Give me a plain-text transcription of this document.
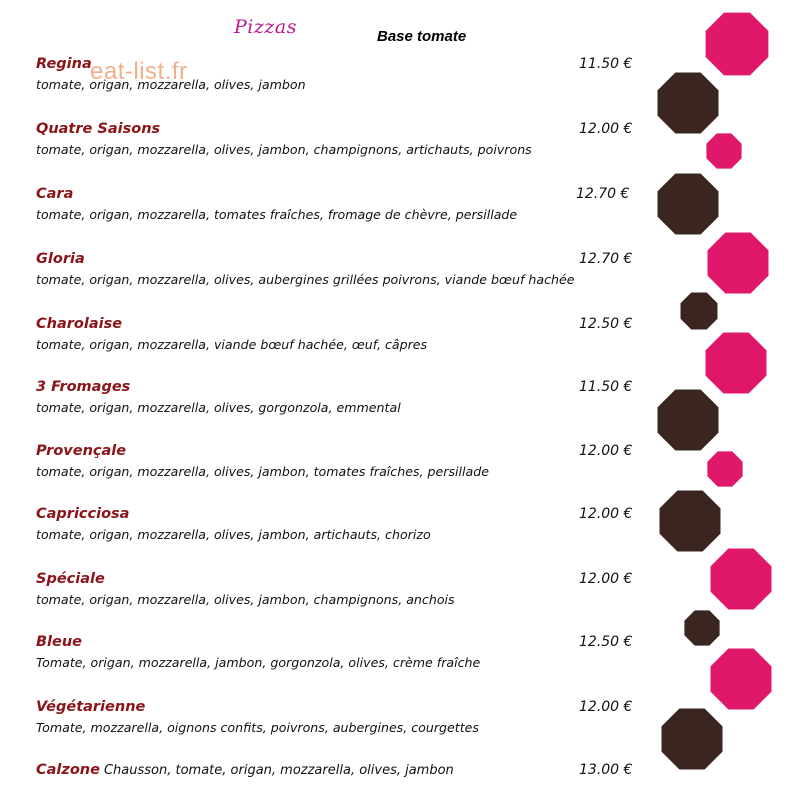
Pizzas	Base tomate
Regina	11.50 €
tomate, origan, mozzarella, olives, jambon
Quatre Saisons	12.00 €
tomate, origan, mozzarella, olives, jambon, champignons, artichauts, poivrons
Cara	12.70 €
tomate, origan, mozzarella, tomates fraîches, fromage de chèvre, persillade
Gloria	12.70 €
tomate, origan, mozzarella, olives, aubergines grillées poivrons, viande bœuf hachée
Charolaise	12.50 €
tomate, origan, mozzarella, viande bœuf hachée, œuf, câpres
3 Fromages	11.50 €
tomate, origan, mozzarella, olives, gorgonzola, emmental
Provençale	12.00 €
tomate, origan, mozzarella, olives, jambon, tomates fraîches, persillade
Capricciosa	12.00 €
tomate, origan, mozzarella, olives, jambon, artichauts, chorizo
Spéciale	12.00 €
tomate, origan, mozzarella, olives, jambon, champignons, anchois
Bleue	12.50 €
Tomate, origan, mozzarella, jambon, gorgonzola, olives, crème fraîche
Végétarienne	12.00 €
Tomate, mozzarella, oignons confits, poivrons, aubergines, courgettes
Calzone Chausson, tomate, origan, mozzarella, olives, jambon	13.00 €
eat-list.fr
